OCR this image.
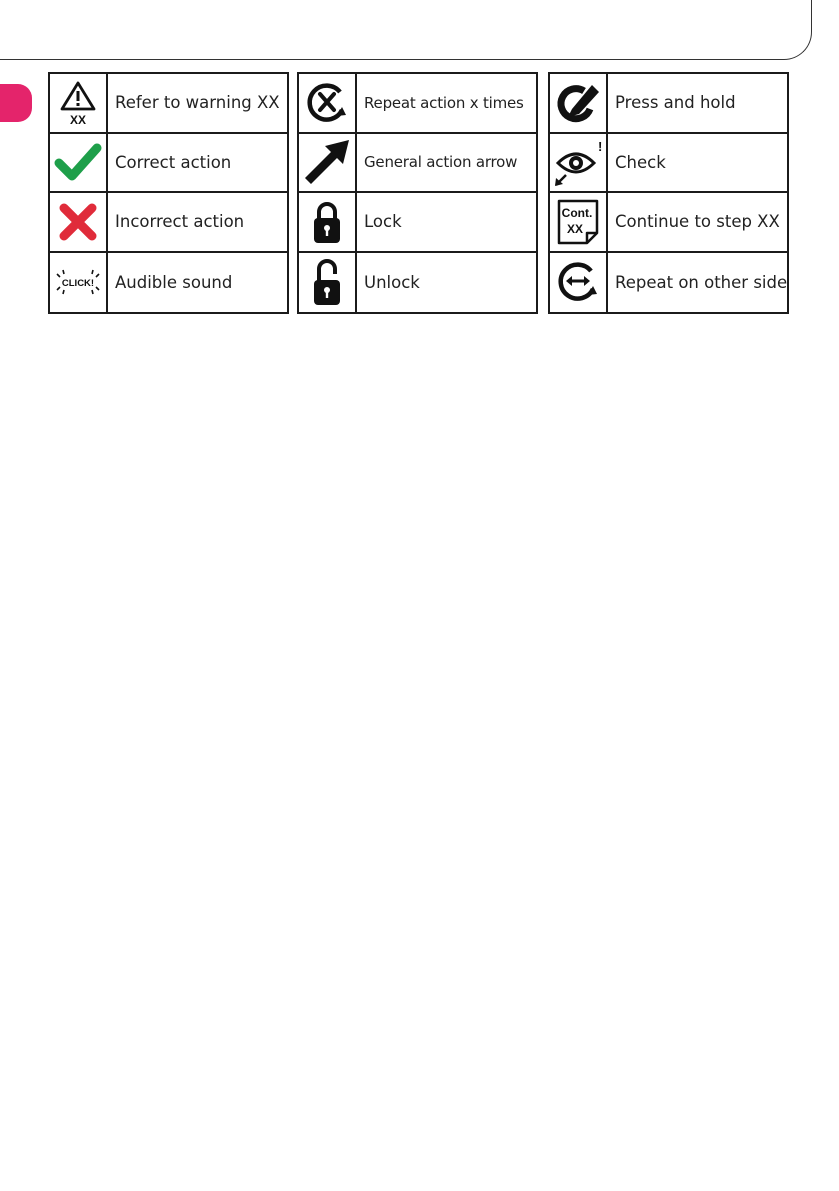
XX
Refer to warning XX
Correct action
Incorrect action
CLICK!	Audible sound
Repeat action x times
General action arrow
Lock
Unlock
Press and hold
!
Check
Cont.
XX	Continue to step XX
Repeat on other side
